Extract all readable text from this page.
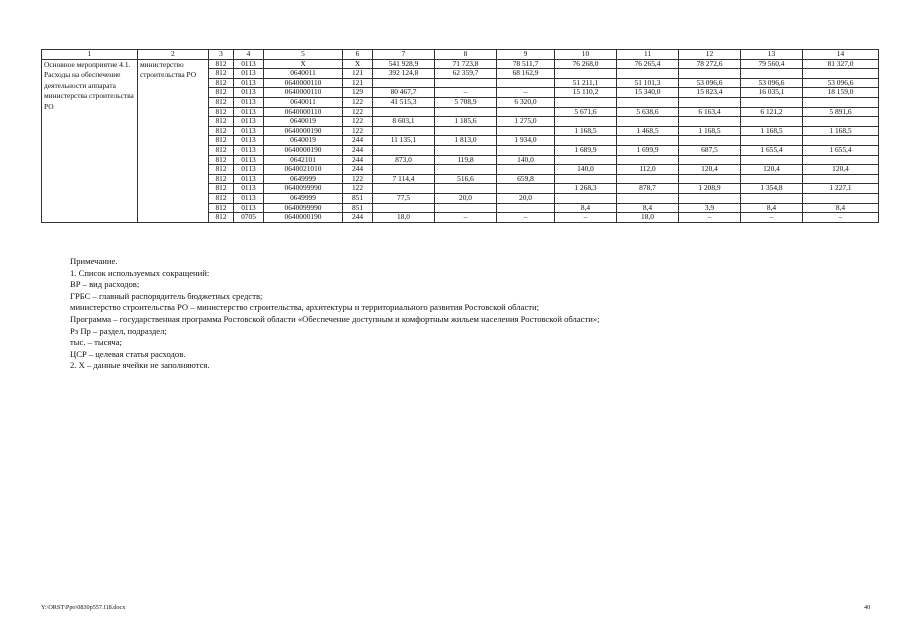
1	2	3	4	5	6	7	8	9	10	11	12	13	14
Основное мероприятие 4.1. Расходы на обеспечение деятельности аппарата министерства строительства РО	министерство строительства РО	812	0113	X	X	541 928,9	71 723,8	78 511,7	76 268,0	76 265,4	78 272,6	79 560,4	81 327,0
		812	0113	0640011	121	392 124,8	62 359,7	68 162,9					
		812	0113	0640000110	121				51 211,1	51 101,3	53 096,6	53 096,6	53 096,6
		812	0113	0640000110	129	80 467,7	–	–	15 110,2	15 340,0	15 823,4	16 035,1	18 159,0
		812	0113	0640011	122	41 515,3	5 708,9	6 320,0					
		812	0113	0640000110	122				5 671,6	5 638,6	6 163,4	6 121,2	5 891,6
		812	0113	0640019	122	8 603,1	1 185,6	1 275,0					
		812	0113	0640000190	122				1 168,5	1 468,5	1 168,5	1 168,5	1 168,5
		812	0113	0640019	244	11 135,1	1 813,0	1 934,0					
		812	0113	0640000190	244				1 689,9	1 699,9	687,5	1 655,4	1 655,4
		812	0113	0642101	244	873,0	119,8	140,0					
		812	0113	0640021010	244				140,0	112,0	120,4	120,4	120,4
		812	0113	0649999	122	7 114,4	516,6	659,8					
		812	0113	0640099990	122				1 268,3	878,7	1 208,9	1 354,8	1 227,1
		812	0113	0649999	851	77,5	20,0	20,0					
		812	0113	0640099990	851				8,4	8,4	3,9	8,4	8,4
		812	0705	0640000190	244	18,0	–	–	–	18,0	–	–	–
Примечание.
1. Список используемых сокращений:
ВР – вид расходов;
ГРБС – главный распорядитель бюджетных средств;
министерство строительства РО – министерство строительства, архитектуры и территориального развития Ростовской области;
Программа – государственная программа Ростовской области «Обеспечение доступным и комфортным жильем населения Ростовской области»;
Рз Пр – раздел, подраздел;
тыс. – тысяча;
ЦСР – целевая статья расходов.
2. Х – данные ячейки не заполняются.
Y:\ORST\Ppo\0830p557.f18.docx	40
